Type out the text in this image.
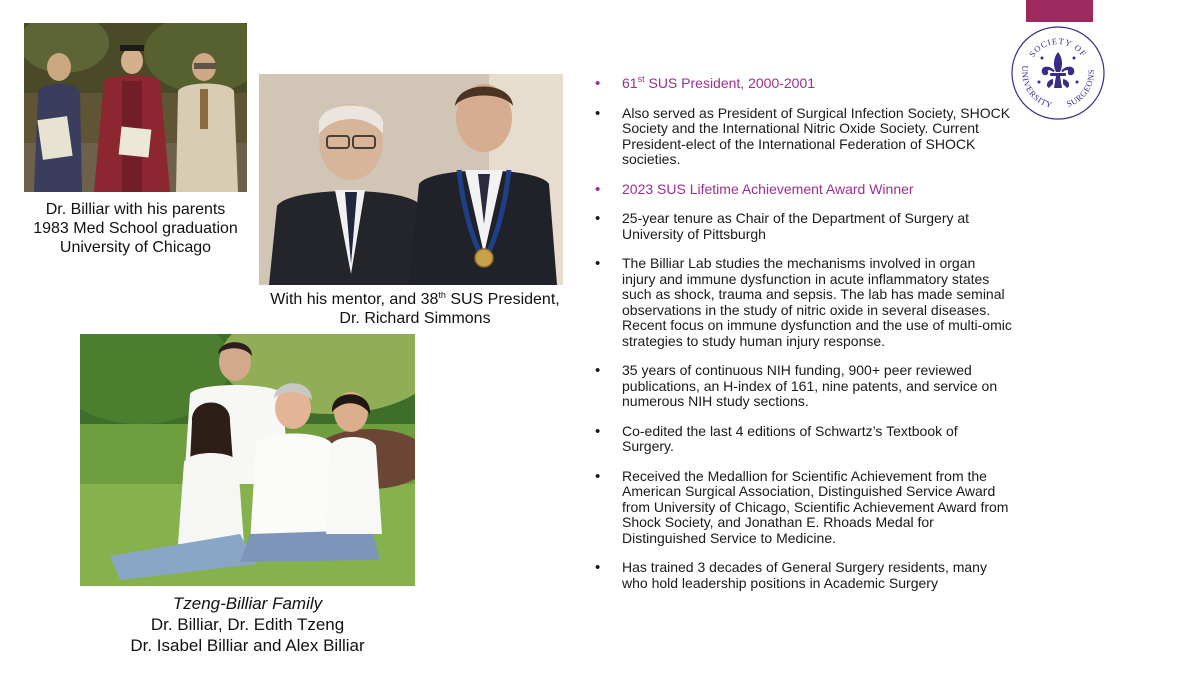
SOCIETY OF
UNIVERSITY SURGEONS
Dr. Billiar with his parents
1983 Med School graduation
University of Chicago
With his mentor, and 38th SUS President,
Dr. Richard Simmons
Tzeng-Billiar Family
Dr. Billiar, Dr. Edith Tzeng
Dr. Isabel Billiar and Alex Billiar
• 61st SUS President, 2000-2001
• Also served as President of Surgical Infection Society, SHOCK Society and the International Nitric Oxide Society. Current President-elect of the International Federation of SHOCK societies.
• 2023 SUS Lifetime Achievement Award Winner
• 25-year tenure as Chair of the Department of Surgery at University of Pittsburgh
• The Billiar Lab studies the mechanisms involved in organ injury and immune dysfunction in acute inflammatory states such as shock, trauma and sepsis. The lab has made seminal observations in the study of nitric oxide in several diseases. Recent focus on immune dysfunction and the use of multi-omic strategies to study human injury response.
• 35 years of continuous NIH funding, 900+ peer reviewed publications, an H-index of 161, nine patents, and service on numerous NIH study sections.
• Co-edited the last 4 editions of Schwartz’s Textbook of Surgery.
• Received the Medallion for Scientific Achievement from the American Surgical Association, Distinguished Service Award from University of Chicago, Scientific Achievement Award from Shock Society, and Jonathan E. Rhoads Medal for Distinguished Service to Medicine.
• Has trained 3 decades of General Surgery residents, many who hold leadership positions in Academic Surgery
